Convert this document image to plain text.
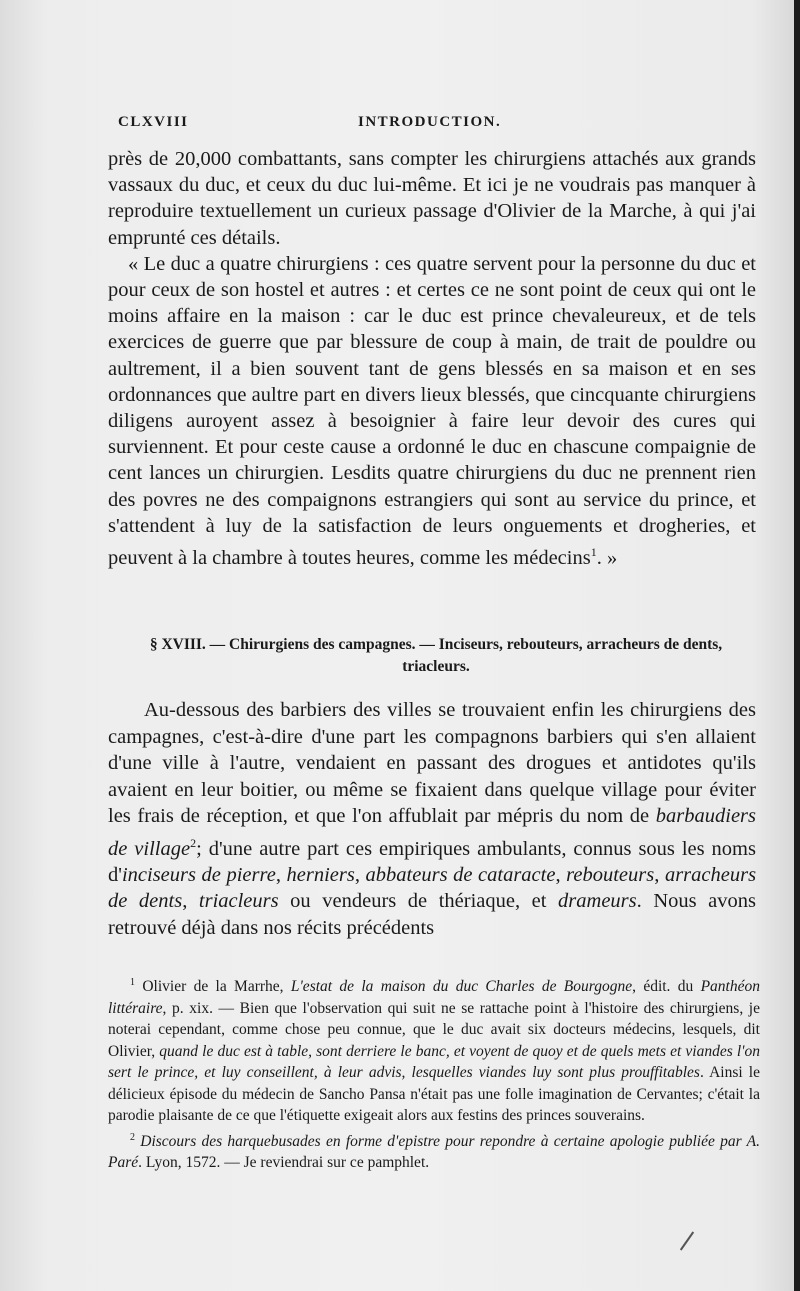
CLXVIII	INTRODUCTION.

près de 20,000 combattants, sans compter les chirurgiens attachés aux grands vassaux du duc, et ceux du duc lui-même. Et ici je ne voudrais pas manquer à reproduire textuellement un curieux passage d'Olivier de la Marche, à qui j'ai emprunté ces détails.

« Le duc a quatre chirurgiens : ces quatre servent pour la personne du duc et pour ceux de son hostel et autres : et certes ce ne sont point de ceux qui ont le moins affaire en la maison : car le duc est prince chevaleureux, et de tels exercices de guerre que par blessure de coup à main, de trait de pouldre ou aultrement, il a bien souvent tant de gens blessés en sa maison et en ses ordonnances que aultre part en divers lieux blessés, que cincquante chirurgiens diligens auroyent assez à besoignier à faire leur devoir des cures qui surviennent. Et pour ceste cause a ordonné le duc en chascune compaignie de cent lances un chirurgien. Lesdits quatre chirurgiens du duc ne prennent rien des povres ne des compaignons estrangiers qui sont au service du prince, et s'attendent à luy de la satisfaction de leurs onguements et drogheries, et peuvent à la chambre à toutes heures, comme les médecins$^1$. »

§ XVIII. — Chirurgiens des campagnes. — Inciseurs, rebouteurs, arracheurs de dents, triacleurs.

Au-dessous des barbiers des villes se trouvaient enfin les chirurgiens des campagnes, c'est-à-dire d'une part les compagnons barbiers qui s'en allaient d'une ville à l'autre, vendaient en passant des drogues et antidotes qu'ils avaient en leur boitier, ou même se fixaient dans quelque village pour éviter les frais de réception, et que l'on affublait par mépris du nom de barbaudiers de village$^2$; d'une autre part ces empiriques ambulants, connus sous les noms d'inciseurs de pierre, herniers, abbateurs de cataracte, rebouteurs, arracheurs de dents, triacleurs ou vendeurs de thériaque, et drameurs. Nous avons retrouvé déjà dans nos récits précédents

$^1$ Olivier de la Marrhe, L'estat de la maison du duc Charles de Bourgogne, édit. du Panthéon littéraire, p. xix. — Bien que l'observation qui suit ne se rattache point à l'histoire des chirurgiens, je noterai cependant, comme chose peu connue, que le duc avait six docteurs médecins, lesquels, dit Olivier, quand le duc est à table, sont derriere le banc, et voyent de quoy et de quels mets et viandes l'on sert le prince, et luy conseillent, à leur advis, lesquelles viandes luy sont plus prouffitables. Ainsi le délicieux épisode du médecin de Sancho Pansa n'était pas une folle imagination de Cervantes; c'était la parodie plaisante de ce que l'étiquette exigeait alors aux festins des princes souverains.

$^2$ Discours des harquebusades en forme d'epistre pour repondre à certaine apologie publiée par A. Paré. Lyon, 1572. — Je reviendrai sur ce pamphlet.
